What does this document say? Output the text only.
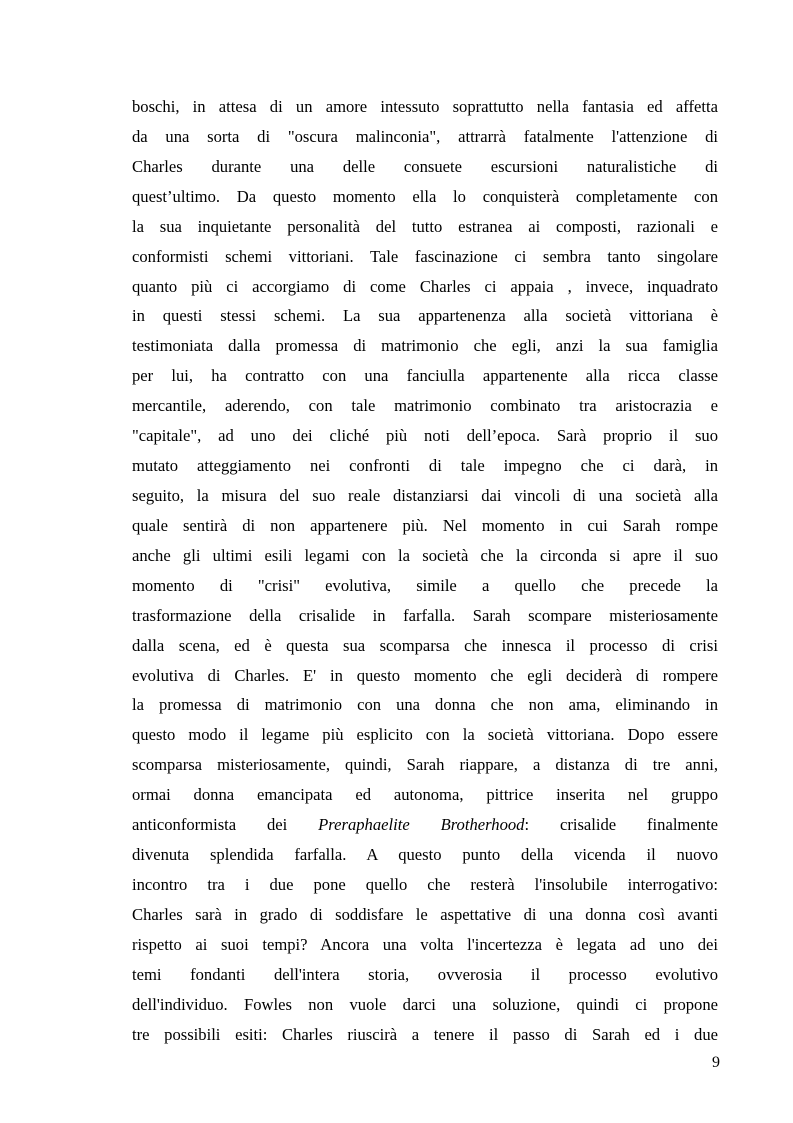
boschi, in attesa di un amore intessuto soprattutto nella fantasia ed affetta
da una sorta di "oscura malinconia", attrarrà fatalmente l'attenzione di
Charles durante una delle consuete escursioni naturalistiche di
quest’ultimo. Da questo momento ella lo conquisterà completamente con
la sua inquietante personalità del tutto estranea ai composti, razionali e
conformisti schemi vittoriani. Tale fascinazione ci sembra tanto singolare
quanto più ci accorgiamo di come Charles ci appaia , invece, inquadrato
in questi stessi schemi. La sua appartenenza alla società vittoriana è
testimoniata dalla promessa di matrimonio che egli, anzi la sua famiglia
per lui, ha contratto con una fanciulla appartenente alla ricca classe
mercantile, aderendo, con tale matrimonio combinato tra aristocrazia e
"capitale", ad uno dei cliché più noti dell’epoca. Sarà proprio il suo
mutato atteggiamento nei confronti di tale impegno che ci darà, in
seguito, la misura del suo reale distanziarsi dai vincoli di una società alla
quale sentirà di non appartenere più. Nel momento in cui Sarah rompe
anche gli ultimi esili legami con la società che la circonda si apre il suo
momento di "crisi" evolutiva, simile a quello che precede la
trasformazione della crisalide in farfalla. Sarah scompare misteriosamente
dalla scena, ed è questa sua scomparsa che innesca il processo di crisi
evolutiva di Charles. E' in questo momento che egli deciderà di rompere
la promessa di matrimonio con una donna che non ama, eliminando in
questo modo il legame più esplicito con la società vittoriana. Dopo essere
scomparsa misteriosamente, quindi, Sarah riappare, a distanza di tre anni,
ormai donna emancipata ed autonoma, pittrice inserita nel gruppo
anticonformista dei Preraphaelite Brotherhood: crisalide finalmente
divenuta splendida farfalla. A questo punto della vicenda il nuovo
incontro tra i due pone quello che resterà l'insolubile interrogativo:
Charles sarà in grado di soddisfare le aspettative di una donna così avanti
rispetto ai suoi tempi? Ancora una volta l'incertezza è legata ad uno dei
temi fondanti dell'intera storia, ovverosia il processo evolutivo
dell'individuo. Fowles non vuole darci una soluzione, quindi ci propone
tre possibili esiti: Charles riuscirà a tenere il passo di Sarah ed i due
9
